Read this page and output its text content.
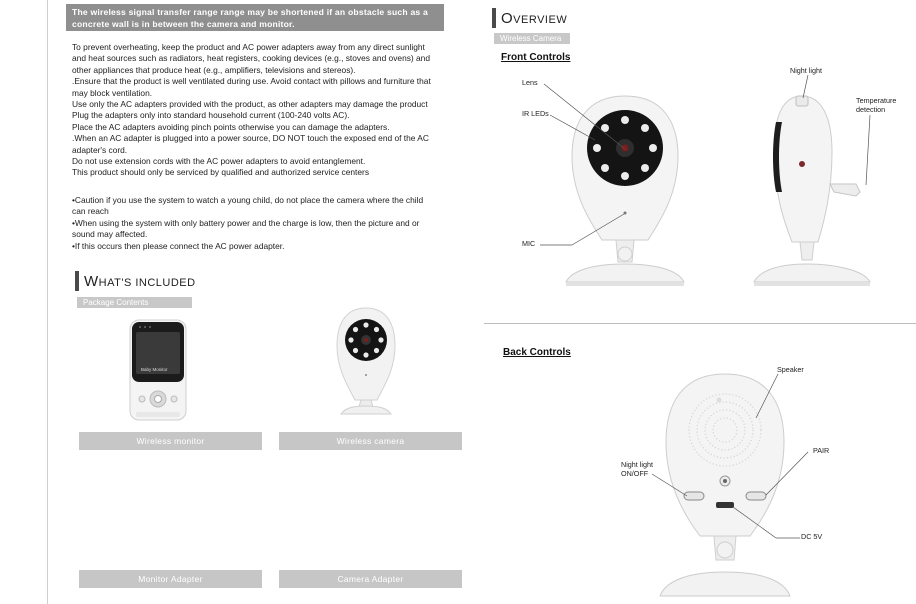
The wireless signal transfer range range may be shortened if an obstacle such as a concrete wall is in between the camera and monitor.
To prevent overheating, keep the product and AC power adapters away from any direct sunlight
and heat sources such as radiators, heat registers, cooking devices (e.g., stoves and ovens) and
other appliances that produce heat (e.g., amplifiers, televisions and stereos).
.Ensure that the product is well ventilated during use. Avoid contact with pillows and furniture that
may block ventilation.
Use only the AC adapters provided with the product, as other adapters may damage the product
Plug the adapters only into standard household current (100-240 volts AC).
Place the AC adapters avoiding pinch points otherwise you can damage the adapters.
.When an AC adapter is plugged into a power source, DO NOT touch the exposed end of the AC
adapter's cord.
Do not use extension cords with the AC power adapters to avoid entanglement.
This product should only be serviced by qualified and authorized service centers
•Caution if you use the system to watch a young child, do not place the camera where the child
can reach
•When using the system with only battery power and the charge is low, then the picture and or
sound may affected.
•If this occurs then please connect the AC power adapter.
WHAT'S INCLUDED
Package Contents
Baby Monitor
Wireless monitor	Wireless camera
Monitor Adapter	Camera Adapter
OVERVIEW
Wireless Camera
Front Controls
Lens
IR LEDs
MIC
Night light
Temperature
detection
Back Controls
Speaker
PAIR
Night light
ON/OFF
DC 5V
